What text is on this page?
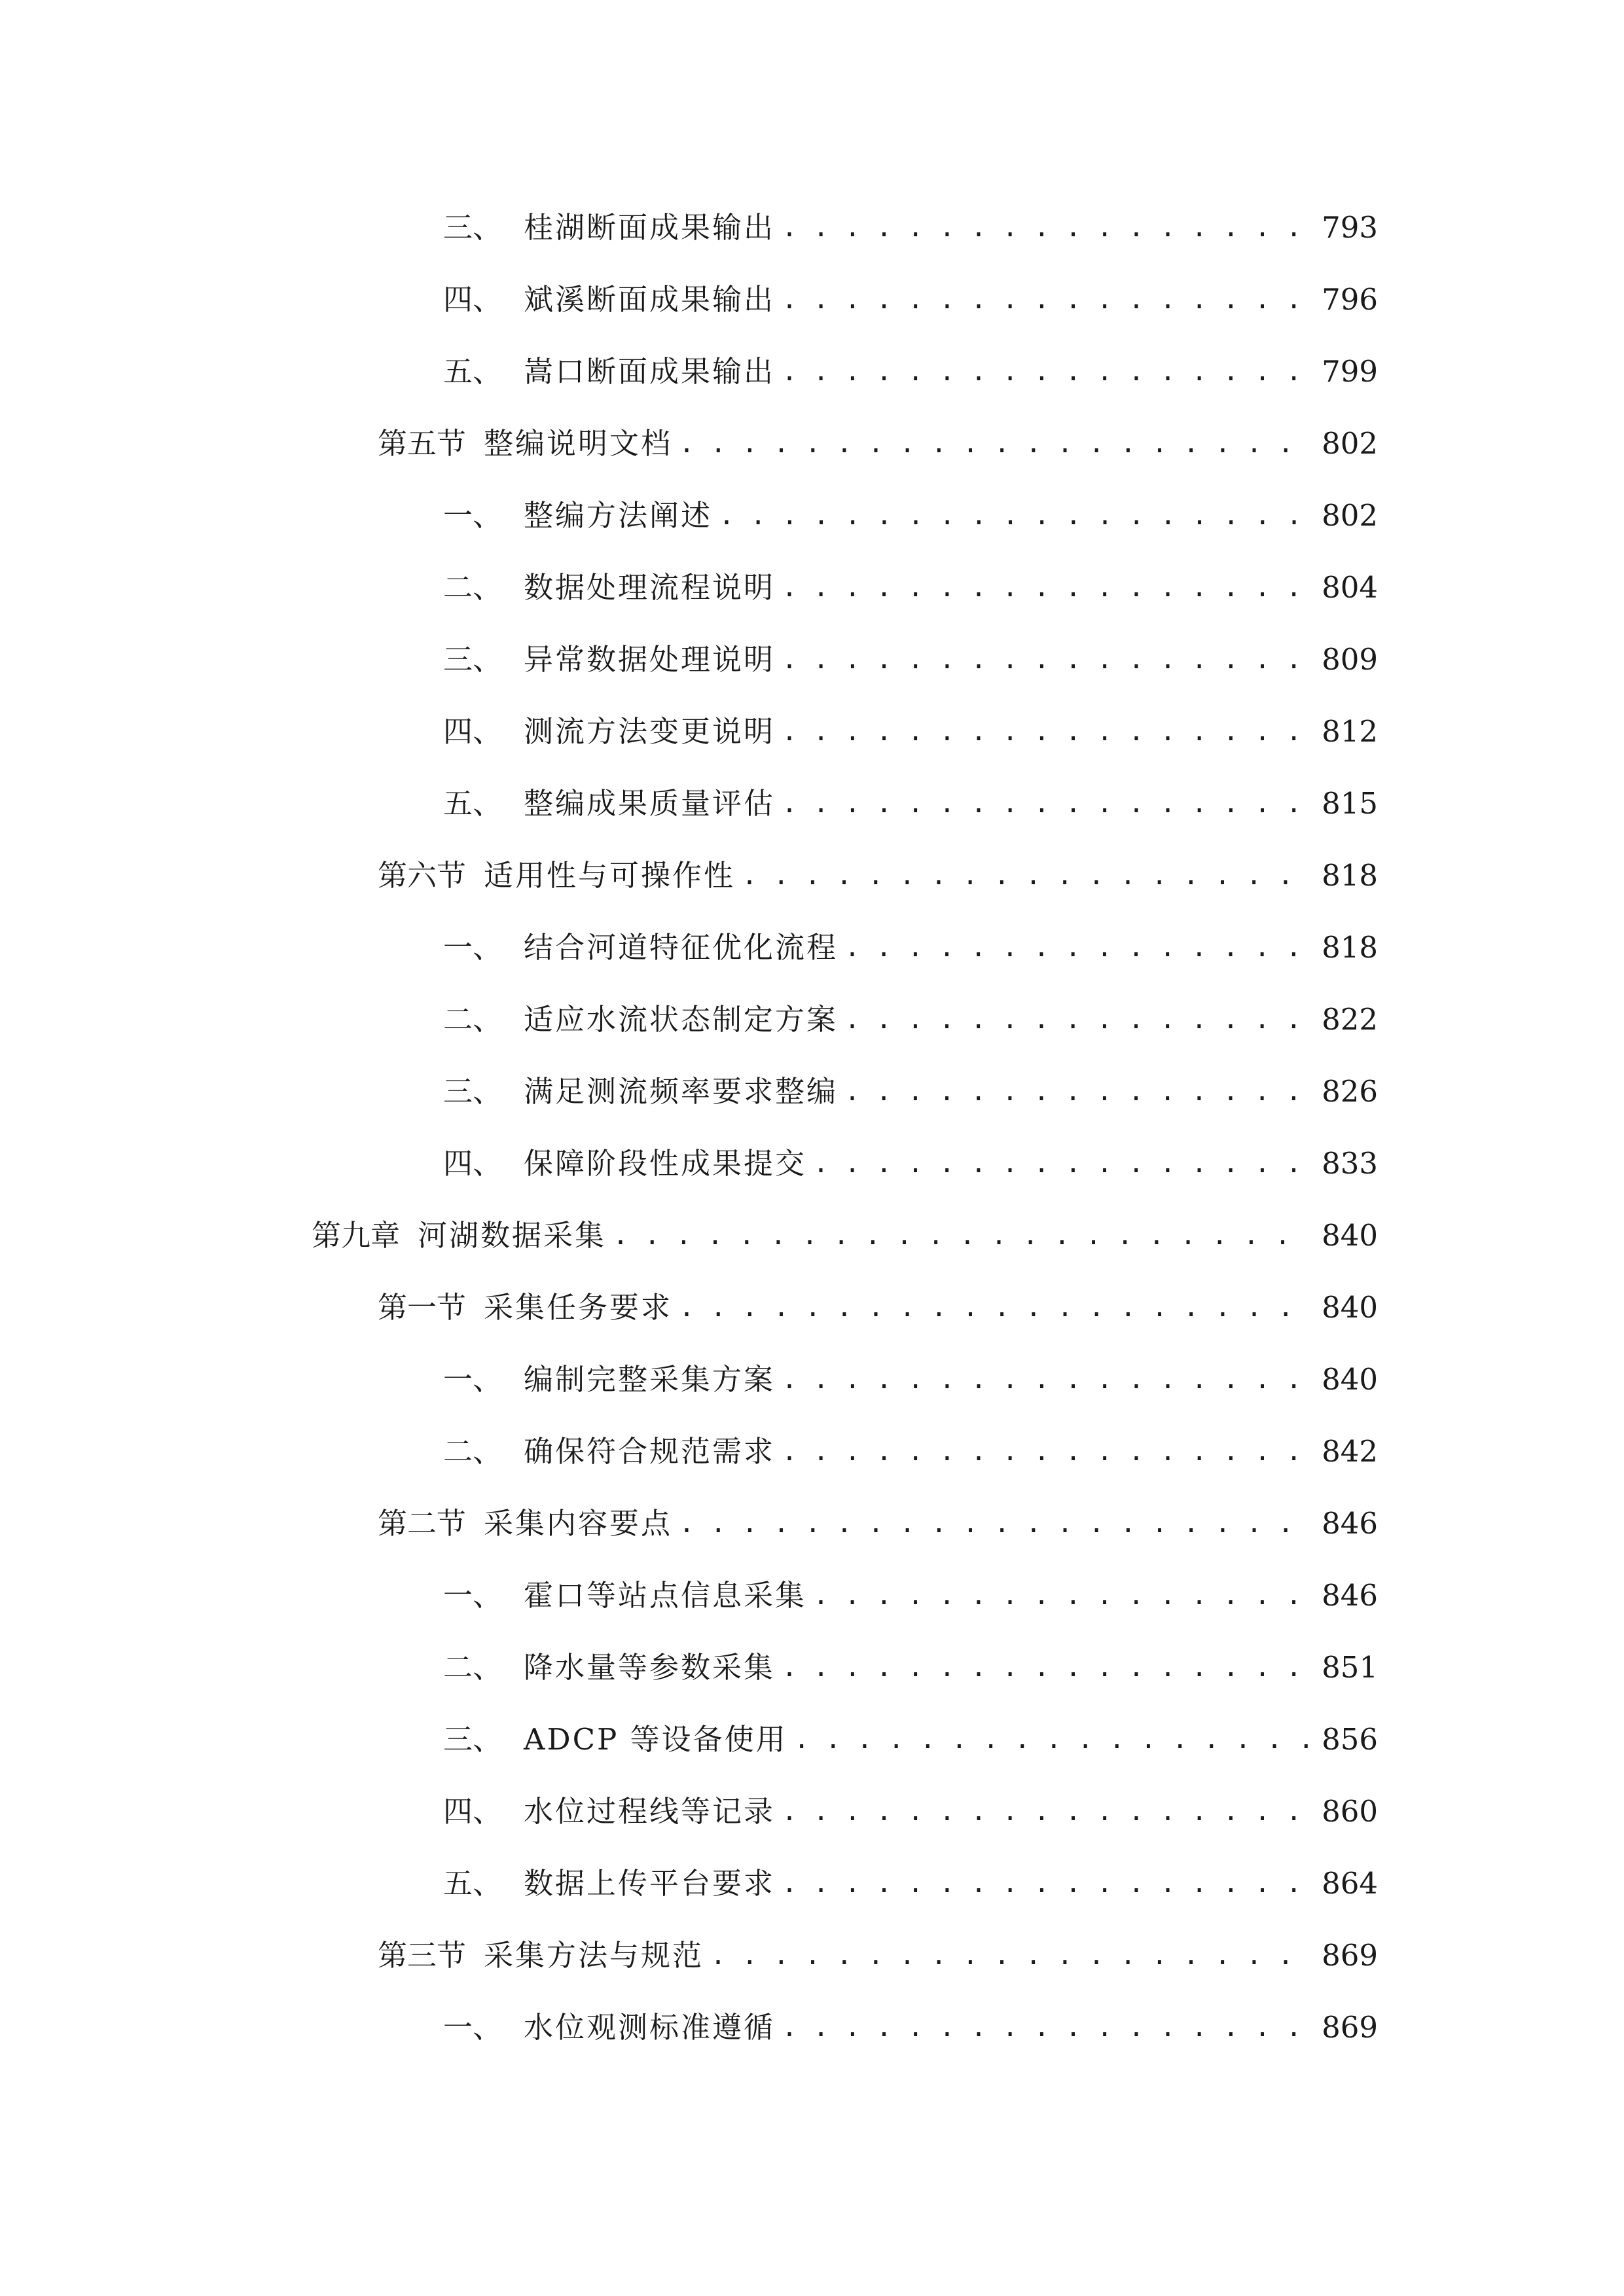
三、 桂湖断面成果输出 . . .	793
四、 斌溪断面成果输出 . . .	796
五、 嵩口断面成果输出 . . .	799
第五节 整编说明文档 . . .	802
一、 整编方法阐述 . . .	802
二、 数据处理流程说明 . . .	804
三、 异常数据处理说明 . . .	809
四、 测流方法变更说明 . . .	812
五、 整编成果质量评估 . . .	815
第六节 适用性与可操作性 . . .	818
一、 结合河道特征优化流程 . . .	818
二、 适应水流状态制定方案 . . .	822
三、 满足测流频率要求整编 . . .	826
四、 保障阶段性成果提交 . . .	833
第九章 河湖数据采集 . . .	840
第一节 采集任务要求 . . .	840
一、 编制完整采集方案 . . .	840
二、 确保符合规范需求 . . .	842
第二节 采集内容要点 . . .	846
一、 霍口等站点信息采集 . . .	846
二、 降水量等参数采集 . . .	851
三、 ADCP 等设备使用 . . .	856
四、 水位过程线等记录 . . .	860
五、 数据上传平台要求 . . .	864
第三节 采集方法与规范 . . .	869
一、 水位观测标准遵循 . . .	869
